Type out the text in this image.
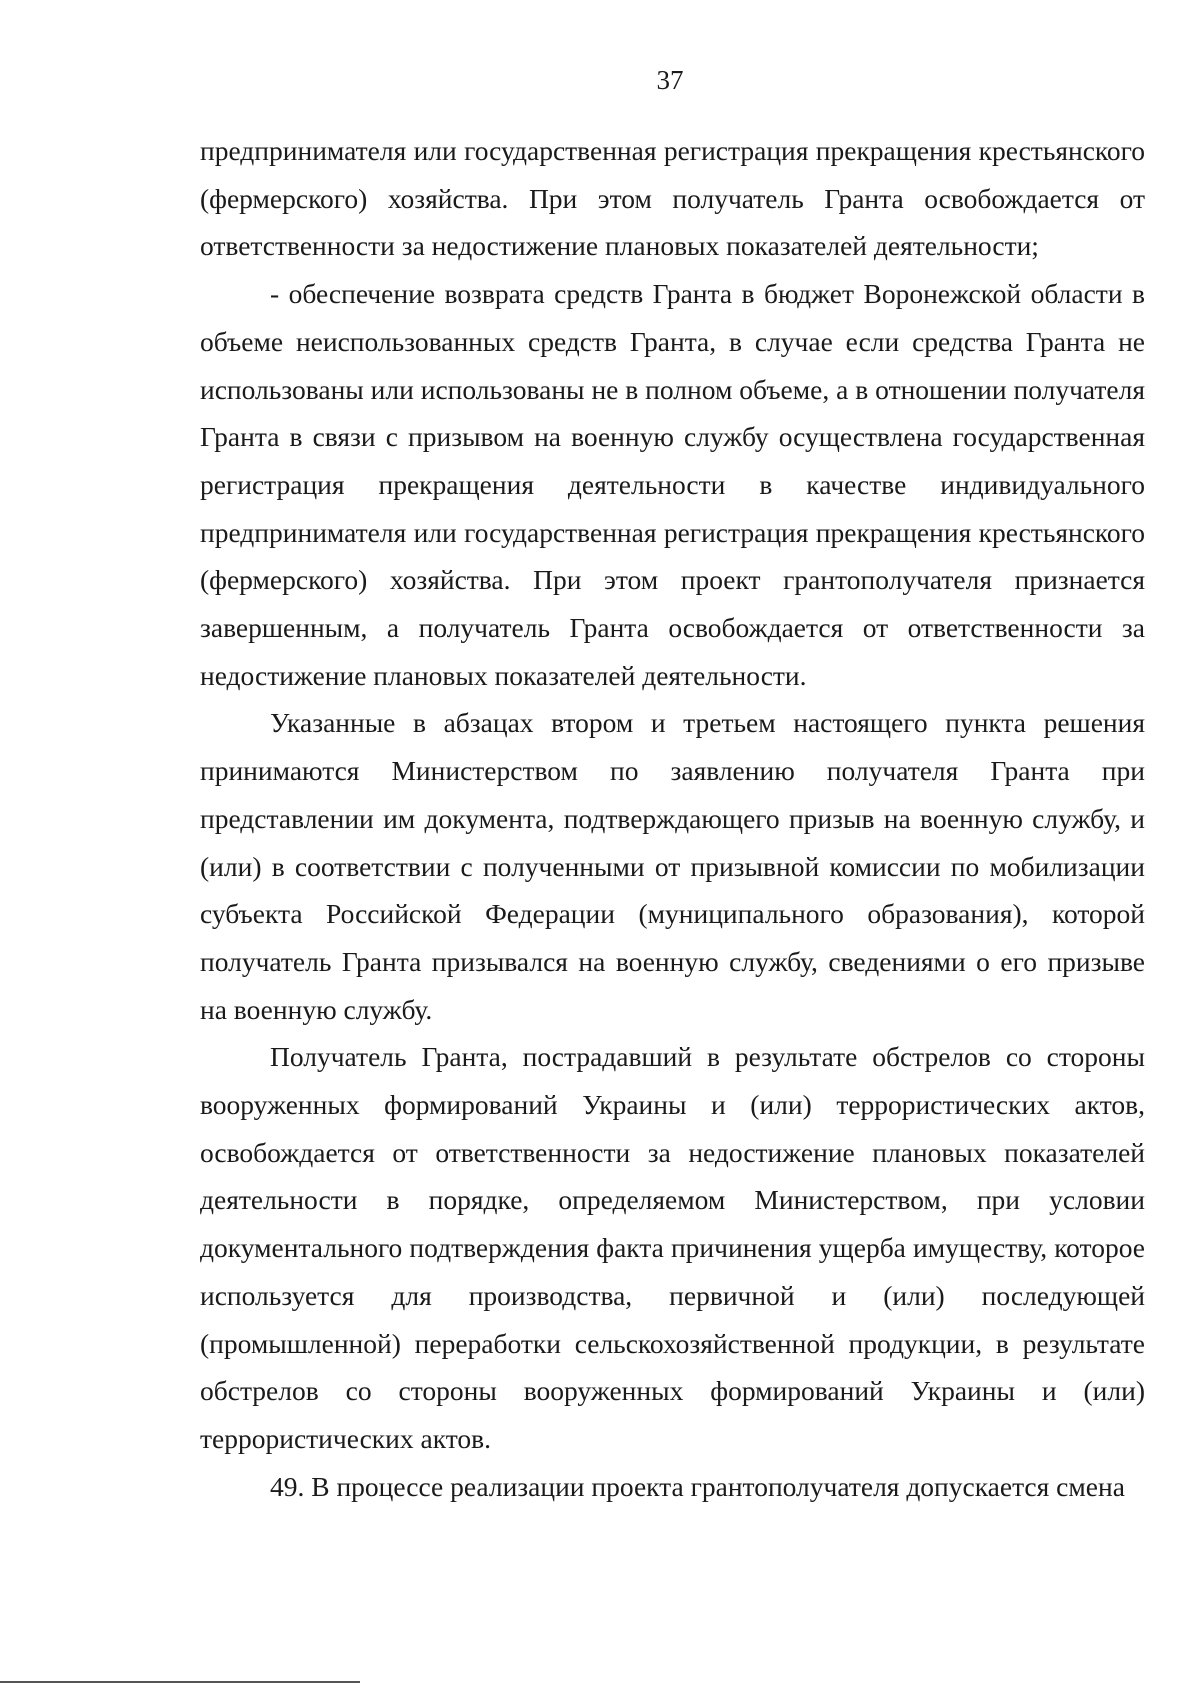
37

предпринимателя или государственная регистрация прекращения крестьянского (фермерского) хозяйства. При этом получатель Гранта освобождается от ответственности за недостижение плановых показателей деятельности;

- обеспечение возврата средств Гранта в бюджет Воронежской области в объеме неиспользованных средств Гранта, в случае если средства Гранта не использованы или использованы не в полном объеме, а в отношении получателя Гранта в связи с призывом на военную службу осуществлена государственная регистрация прекращения деятельности в качестве индивидуального предпринимателя или государственная регистрация прекращения крестьянского (фермерского) хозяйства. При этом проект грантополучателя признается завершенным, а получатель Гранта освобождается от ответственности за недостижение плановых показателей деятельности.

Указанные в абзацах втором и третьем настоящего пункта решения принимаются Министерством по заявлению получателя Гранта при представлении им документа, подтверждающего призыв на военную службу, и (или) в соответствии с полученными от призывной комиссии по мобилизации субъекта Российской Федерации (муниципального образования), которой получатель Гранта призывался на военную службу, сведениями о его призыве на военную службу.

Получатель Гранта, пострадавший в результате обстрелов со стороны вооруженных формирований Украины и (или) террористических актов, освобождается от ответственности за недостижение плановых показателей деятельности в порядке, определяемом Министерством, при условии документального подтверждения факта причинения ущерба имуществу, которое используется для производства, первичной и (или) последующей (промышленной) переработки сельскохозяйственной продукции, в результате обстрелов со стороны вооруженных формирований Украины и (или) террористических актов.

49. В процессе реализации проекта грантополучателя допускается смена
